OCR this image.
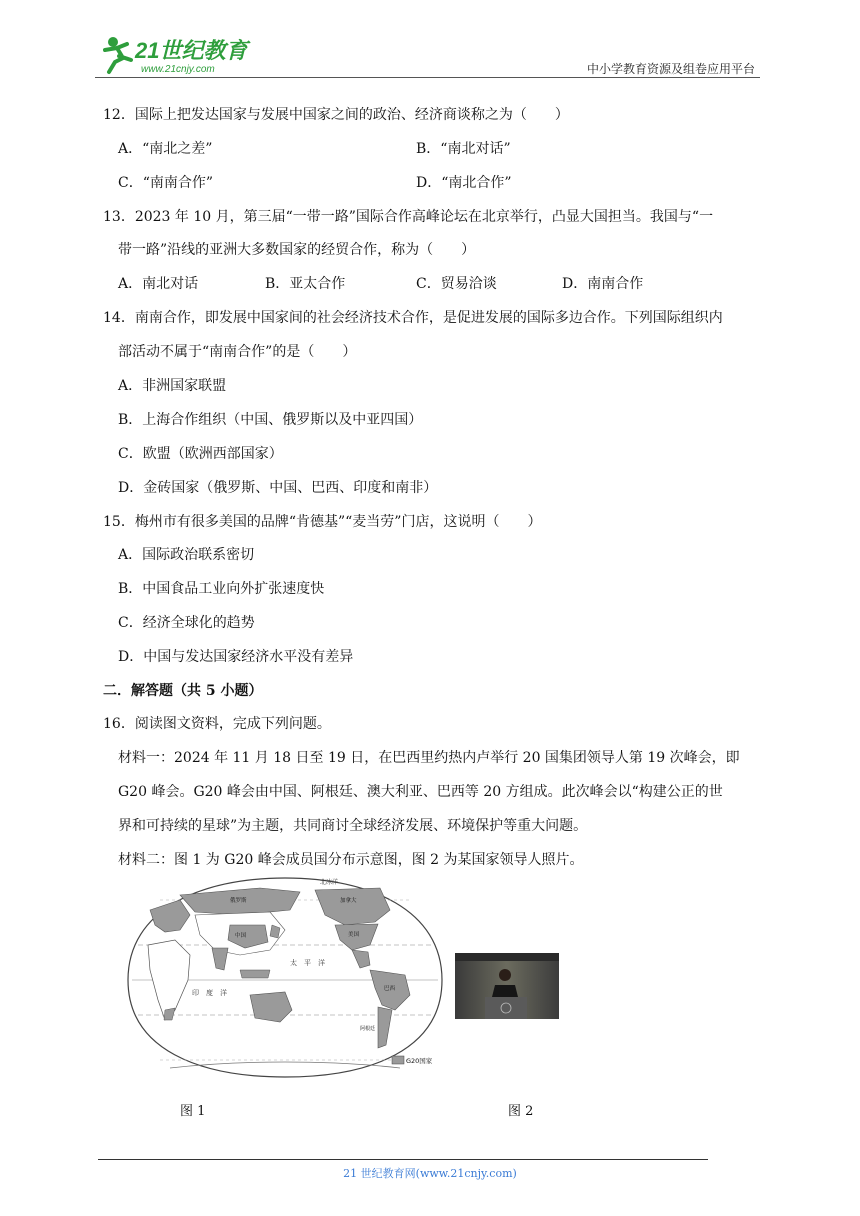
21世纪教育
www.21cnjy.com	中小学教育资源及组卷应用平台
12．国际上把发达国家与发展中国家之间的政治、经济商谈称之为（　　）
A．“南北之差”	B．“南北对话”
C．“南南合作”	D．“南北合作”
13．2023 年 10 月，第三届“一带一路”国际合作高峰论坛在北京举行，凸显大国担当。我国与“一
带一路”沿线的亚洲大多数国家的经贸合作，称为（　　）
A．南北对话	B．亚太合作	C．贸易洽谈	D．南南合作
14．南南合作，即发展中国家间的社会经济技术合作，是促进发展的国际多边合作。下列国际组织内
部活动不属于“南南合作”的是（　　）
A．非洲国家联盟
B．上海合作组织（中国、俄罗斯以及中亚四国）
C．欧盟（欧洲西部国家）
D．金砖国家（俄罗斯、中国、巴西、印度和南非）
15．梅州市有很多美国的品牌“肯德基”“麦当劳”门店，这说明（　　）
A．国际政治联系密切
B．中国食品工业向外扩张速度快
C．经济全球化的趋势
D．中国与发达国家经济水平没有差异
二．解答题（共 5 小题）
16．阅读图文资料，完成下列问题。
材料一：2024 年 11 月 18 日至 19 日，在巴西里约热内卢举行 20 国集团领导人第 19 次峰会，即
G20 峰会。G20 峰会由中国、阿根廷、澳大利亚、巴西等 20 方组成。此次峰会以“构建公正的世
界和可持续的星球”为主题，共同商讨全球经济发展、环境保护等重大问题。
材料二：图 1 为 G20 峰会成员国分布示意图，图 2 为某国家领导人照片。
北冰洋
太　平　洋
印　度　洋
中国
加拿大
美国
巴西
阿根廷
俄罗斯
G20国家
图 1	图 2
21 世纪教育网(www.21cnjy.com)
